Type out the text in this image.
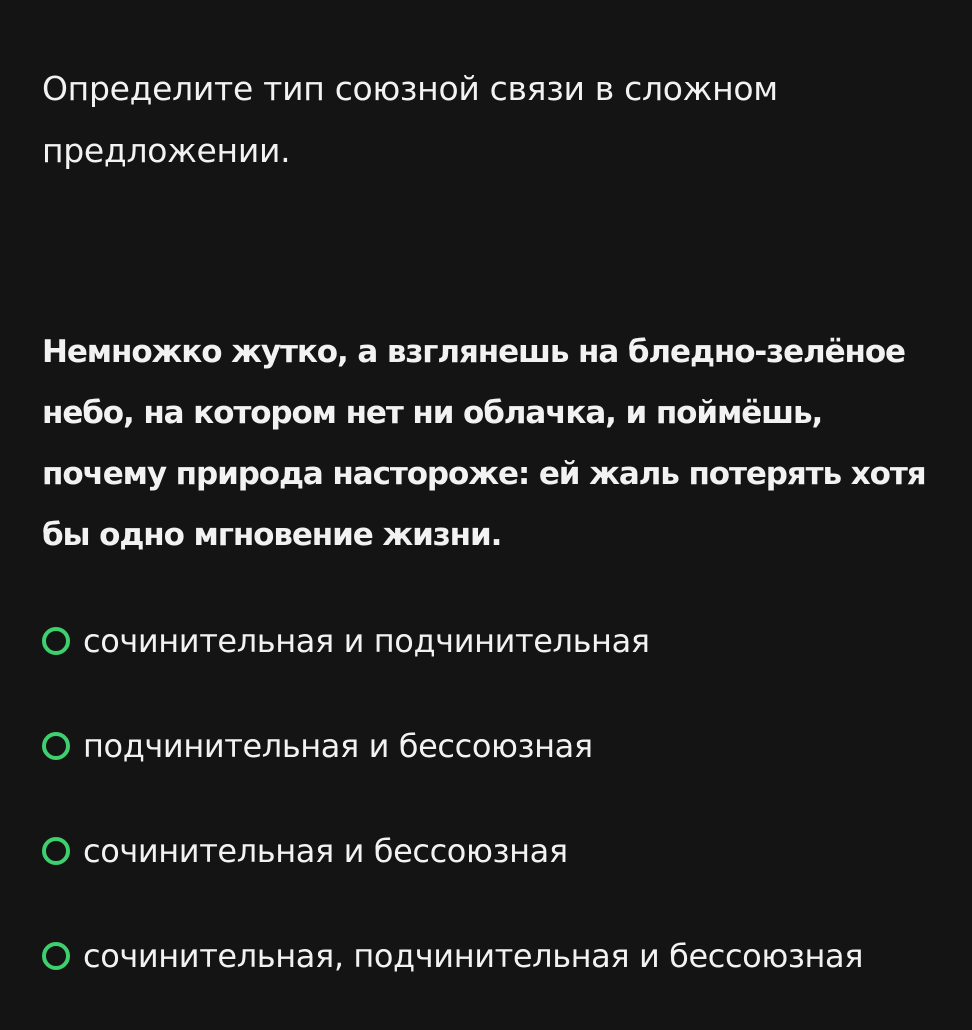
Определите тип союзной связи в сложном предложении.

Немножко жутко, а взглянешь на бледно-зелёное небо, на котором нет ни облачка, и поймёшь, почему природа настороже: ей жаль потерять хотя бы одно мгновение жизни.

сочинительная и подчинительная
подчинительная и бессоюзная
сочинительная и бессоюзная
сочинительная, подчинительная и бессоюзная
